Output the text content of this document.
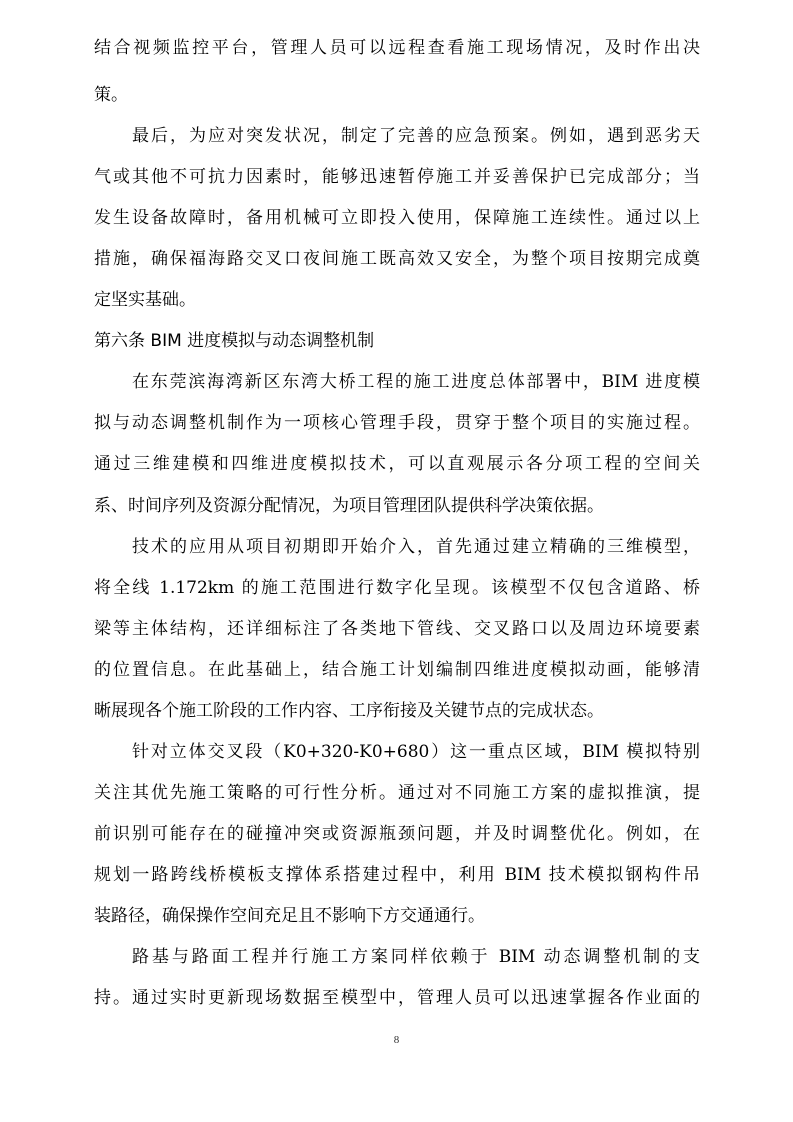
结合视频监控平台，管理人员可以远程查看施工现场情况，及时作出决
策。
最后，为应对突发状况，制定了完善的应急预案。例如，遇到恶劣天
气或其他不可抗力因素时，能够迅速暂停施工并妥善保护已完成部分；当
发生设备故障时，备用机械可立即投入使用，保障施工连续性。通过以上
措施，确保福海路交叉口夜间施工既高效又安全，为整个项目按期完成奠
定坚实基础。
第六条 BIM 进度模拟与动态调整机制
在东莞滨海湾新区东湾大桥工程的施工进度总体部署中，BIM 进度模
拟与动态调整机制作为一项核心管理手段，贯穿于整个项目的实施过程。
通过三维建模和四维进度模拟技术，可以直观展示各分项工程的空间关
系、时间序列及资源分配情况，为项目管理团队提供科学决策依据。
技术的应用从项目初期即开始介入，首先通过建立精确的三维模型，
将全线 1.172km 的施工范围进行数字化呈现。该模型不仅包含道路、桥
梁等主体结构，还详细标注了各类地下管线、交叉路口以及周边环境要素
的位置信息。在此基础上，结合施工计划编制四维进度模拟动画，能够清
晰展现各个施工阶段的工作内容、工序衔接及关键节点的完成状态。
针对立体交叉段（K0+320-K0+680）这一重点区域，BIM 模拟特别
关注其优先施工策略的可行性分析。通过对不同施工方案的虚拟推演，提
前识别可能存在的碰撞冲突或资源瓶颈问题，并及时调整优化。例如，在
规划一路跨线桥模板支撑体系搭建过程中，利用 BIM 技术模拟钢构件吊
装路径，确保操作空间充足且不影响下方交通通行。
路基与路面工程并行施工方案同样依赖于 BIM 动态调整机制的支
持。通过实时更新现场数据至模型中，管理人员可以迅速掌握各作业面的
8
